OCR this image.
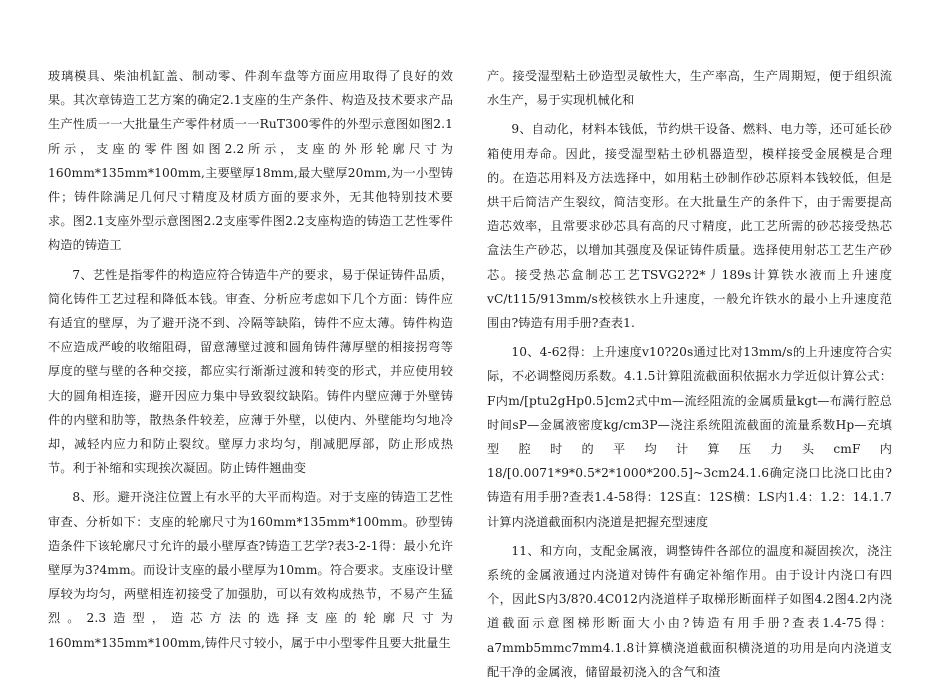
玻璃模具、柴油机缸盖、制动零、件刹车盘等方面应用取得了良好的效果。其次章铸造工艺方案的确定2.1支座的生产条件、构造及技术要求产品生产性质一一大批量生产零件材质一一RuT300零件的外型示意图如图2.1所示，支座的零件图如图2.2所示，支座的外形轮廓尺寸为160mm*135mm*100mm,主要壁厚18mm,最大壁厚20mm,为一小型铸件；铸件除满足几何尺寸精度及材质方面的要求外，无其他特别技术要求。图2.1支座外型示意图图2.2支座零件图2.2支座构造的铸造工艺性零件构造的铸造工

7、艺性是指零件的构造应符合铸造牛产的要求，易于保证铸件品质，简化铸件工艺过程和降低本钱。审查、分析应考虑如下几个方面：铸件应有适宜的壁厚，为了避开浇不到、冷隔等缺陷，铸件不应太薄。铸件构造不应造成严峻的收缩阻碍，留意薄壁过渡和圆角铸件薄厚壁的相接拐弯等厚度的壁与壁的各种交接，都应实行渐渐过渡和转变的形式，并应使用较大的圆角相连接，避开因应力集中导致裂纹缺陷。铸件内壁应薄于外壁铸件的内壁和肋等，散热条件较差，应薄于外壁，以使内、外壁能均匀地冷却，减轻内应力和防止裂纹。壁厚力求均匀，削减肥厚部，防止形成热节。利于补缩和实现挨次凝固。防止铸件翘曲变

8、形。避开浇注位置上有水平的大平而构造。对于支座的铸造工艺性审查、分析如下：支座的轮廓尺寸为160mm*135mm*100mm。砂型铸造条件下该轮廓尺寸允许的最小壁厚查?铸造工艺学?表3-2-1得：最小允许壁厚为3?4mm。而设计支座的最小壁厚为10mm。符合要求。支座设计壁厚较为均匀，两壁相连初接受了加强肋，可以有效构成热节，不易产生猛烈。2.3造型，造芯方法的选择支座的轮廓尺寸为160mm*135mm*100mm,铸件尺寸较小，属于中小型零件且要大批量生

产。接受湿型粘土砂造型灵敏性大，生产率高，生产周期短，便于组织流水生产，易于实现机械化和

9、自动化，材料本钱低，节约烘干设备、燃料、电力等，还可延长砂箱使用寿命。因此，接受湿型粘土砂机器造型，模样接受金展模是合理的。在造芯用料及方法选择中，如用粘土砂制作砂芯原料本钱较低，但是烘干后简洁产生裂纹，简洁变形。在大批量生产的条件下，由于需要提高造芯效率，且常要求砂芯具有高的尺寸精度，此工艺所需的砂芯接受热芯盒法生产砂芯，以增加其强度及保证铸件质量。选择使用射芯工艺生产砂芯。接受热芯盒制芯工艺TSVG2?2*丿189s计算铁水液而上升速度vC/t115/913mm/s校核铁水上升速度，一般允许铁水的最小上升速度范围由?铸造有用手册?查表1.

10、4-62得：上升速度v10?20s通过比对13mm/s的上升速度符合实际，不必调整阅历系数。4.1.5计算阻流截面积依据水力学近似计算公式：F内m/[ptu2gHp0.5]cm2式中m—流经阻流的金属质量kgt—布满行腔总时间sP—金属液密度kg/cm3P—浇注系统阻流截面的流量系数Hp—充填型腔时的平均计算压力头cmF内18/[0.0071*9*0.5*2*1000*200.5]~3cm24.1.6确定浇口比浇口比由?铸造有用手册?查表1.4-58得：12S直：12S横：LS内1.4：1.2：14.1.7计算内浇道截面积内浇道是把握充型速度

11、和方向，支配金属液，调整铸件各部位的温度和凝固挨次，浇注系统的金属液通过内浇道对铸件有确定补缩作用。由于设计内浇口有四个，因此S内3/8?0.4C012内浇道样子取梯形断面样子如图4.2图4.2内浇道截面示意图梯形断面大小由?铸造有用手册?查表1.4-75得：a7mmb5mmc7mm4.1.8计算横浇道截面积横浇道的功用是向内浇道支配干净的金属液，储留最初浇入的含气和渣
